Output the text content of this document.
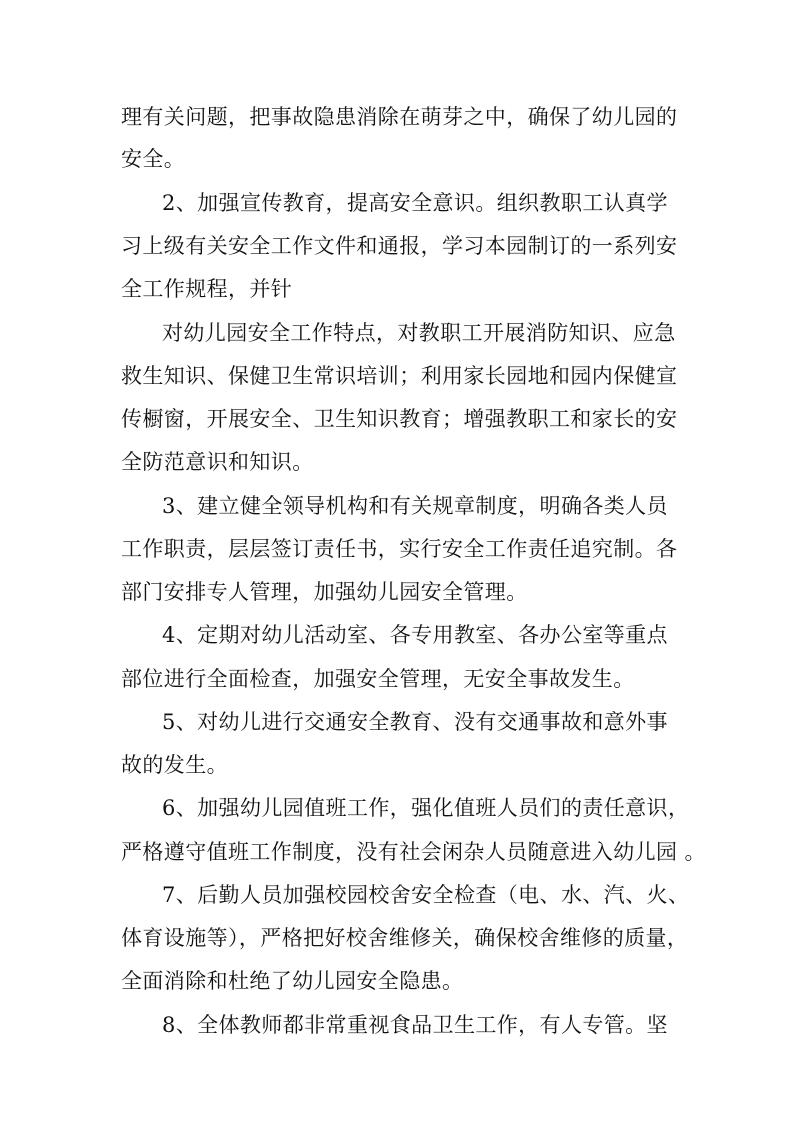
理有关问题，把事故隐患消除在萌芽之中，确保了幼儿园的
安全。
2、加强宣传教育，提高安全意识。组织教职工认真学
习上级有关安全工作文件和通报，学习本园制订的一系列安
全工作规程，并针
对幼儿园安全工作特点，对教职工开展消防知识、应急
救生知识、保健卫生常识培训；利用家长园地和园内保健宣
传橱窗，开展安全、卫生知识教育；增强教职工和家长的安
全防范意识和知识。
3、建立健全领导机构和有关规章制度，明确各类人员
工作职责，层层签订责任书，实行安全工作责任追究制。各
部门安排专人管理，加强幼儿园安全管理。
4、定期对幼儿活动室、各专用教室、各办公室等重点
部位进行全面检查，加强安全管理，无安全事故发生。
5、对幼儿进行交通安全教育、没有交通事故和意外事
故的发生。
6、加强幼儿园值班工作，强化值班人员们的责任意识，
严格遵守值班工作制度，没有社会闲杂人员随意进入幼儿园 。
7、后勤人员加强校园校舍安全检查（电、水、汽、火、
体育设施等），严格把好校舍维修关，确保校舍维修的质量，
全面消除和杜绝了幼儿园安全隐患。
8、全体教师都非常重视食品卫生工作，有人专管。坚
